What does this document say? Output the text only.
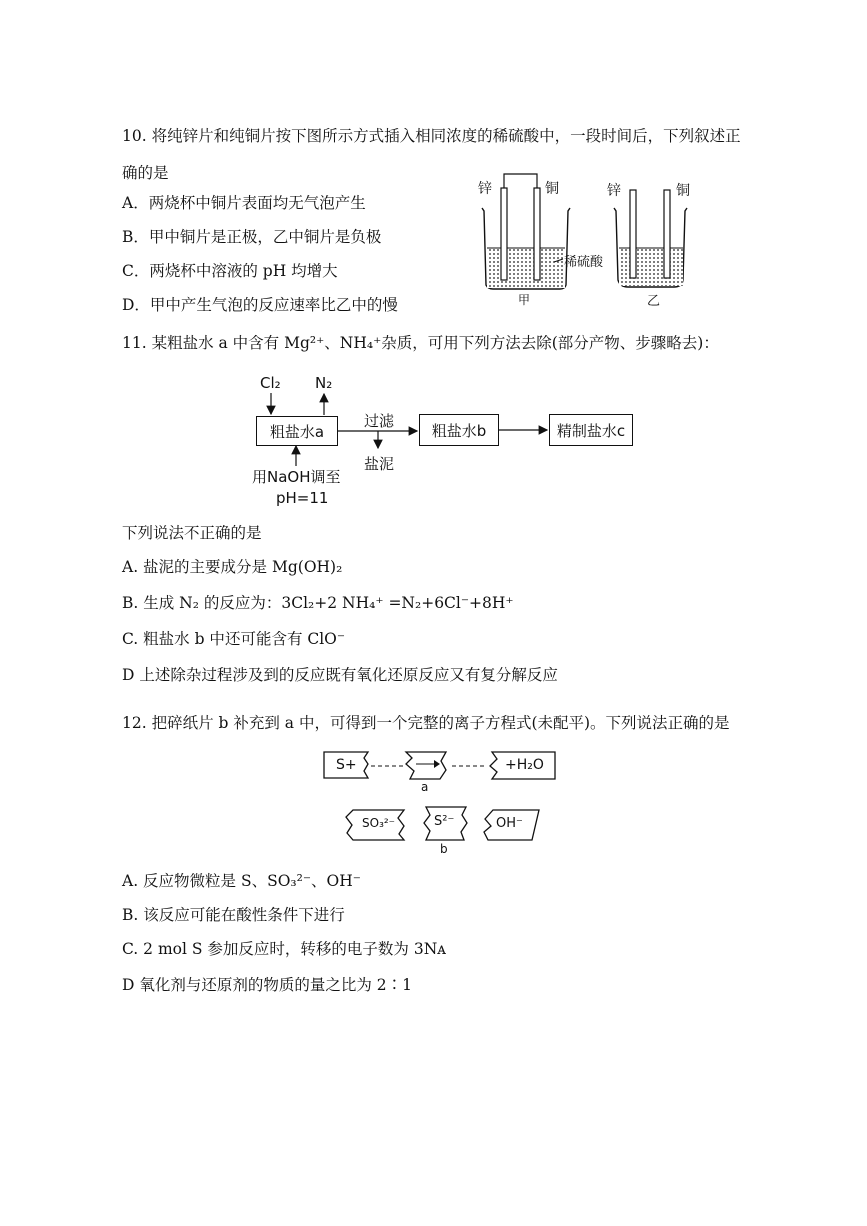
10. 将纯锌片和纯铜片按下图所示方式插入相同浓度的稀硫酸中，一段时间后，下列叙述正
确的是
A．两烧杯中铜片表面均无气泡产生
B．甲中铜片是正极，乙中铜片是负极
C．两烧杯中溶液的 pH 均增大
D．甲中产生气泡的反应速率比乙中的慢
锌	铜	锌	铜
稀硫酸
甲	乙
11. 某粗盐水 a 中含有 Mg²⁺、NH₄⁺杂质，可用下列方法去除(部分产物、步骤略去)：
Cl₂ N₂
粗盐水a
过滤
盐泥
粗盐水b	精制盐水c
用NaOH调至
pH=11
下列说法不正确的是
A. 盐泥的主要成分是 Mg(OH)₂
B. 生成 N₂ 的反应为：3Cl₂+2 NH₄⁺ =N₂+6Cl⁻+8H⁺
C. 粗盐水 b 中还可能含有 ClO⁻
D 上述除杂过程涉及到的反应既有氧化还原反应又有复分解反应
12. 把碎纸片 b 补充到 a 中，可得到一个完整的离子方程式(未配平)。下列说法正确的是
S+	+H₂O
a
SO₃²⁻	S²⁻	OH⁻
b
A. 反应物微粒是 S、SO₃²⁻、OH⁻
B. 该反应可能在酸性条件下进行
C. 2 mol S 参加反应时，转移的电子数为 3Nᴀ
D 氧化剂与还原剂的物质的量之比为 2∶1
